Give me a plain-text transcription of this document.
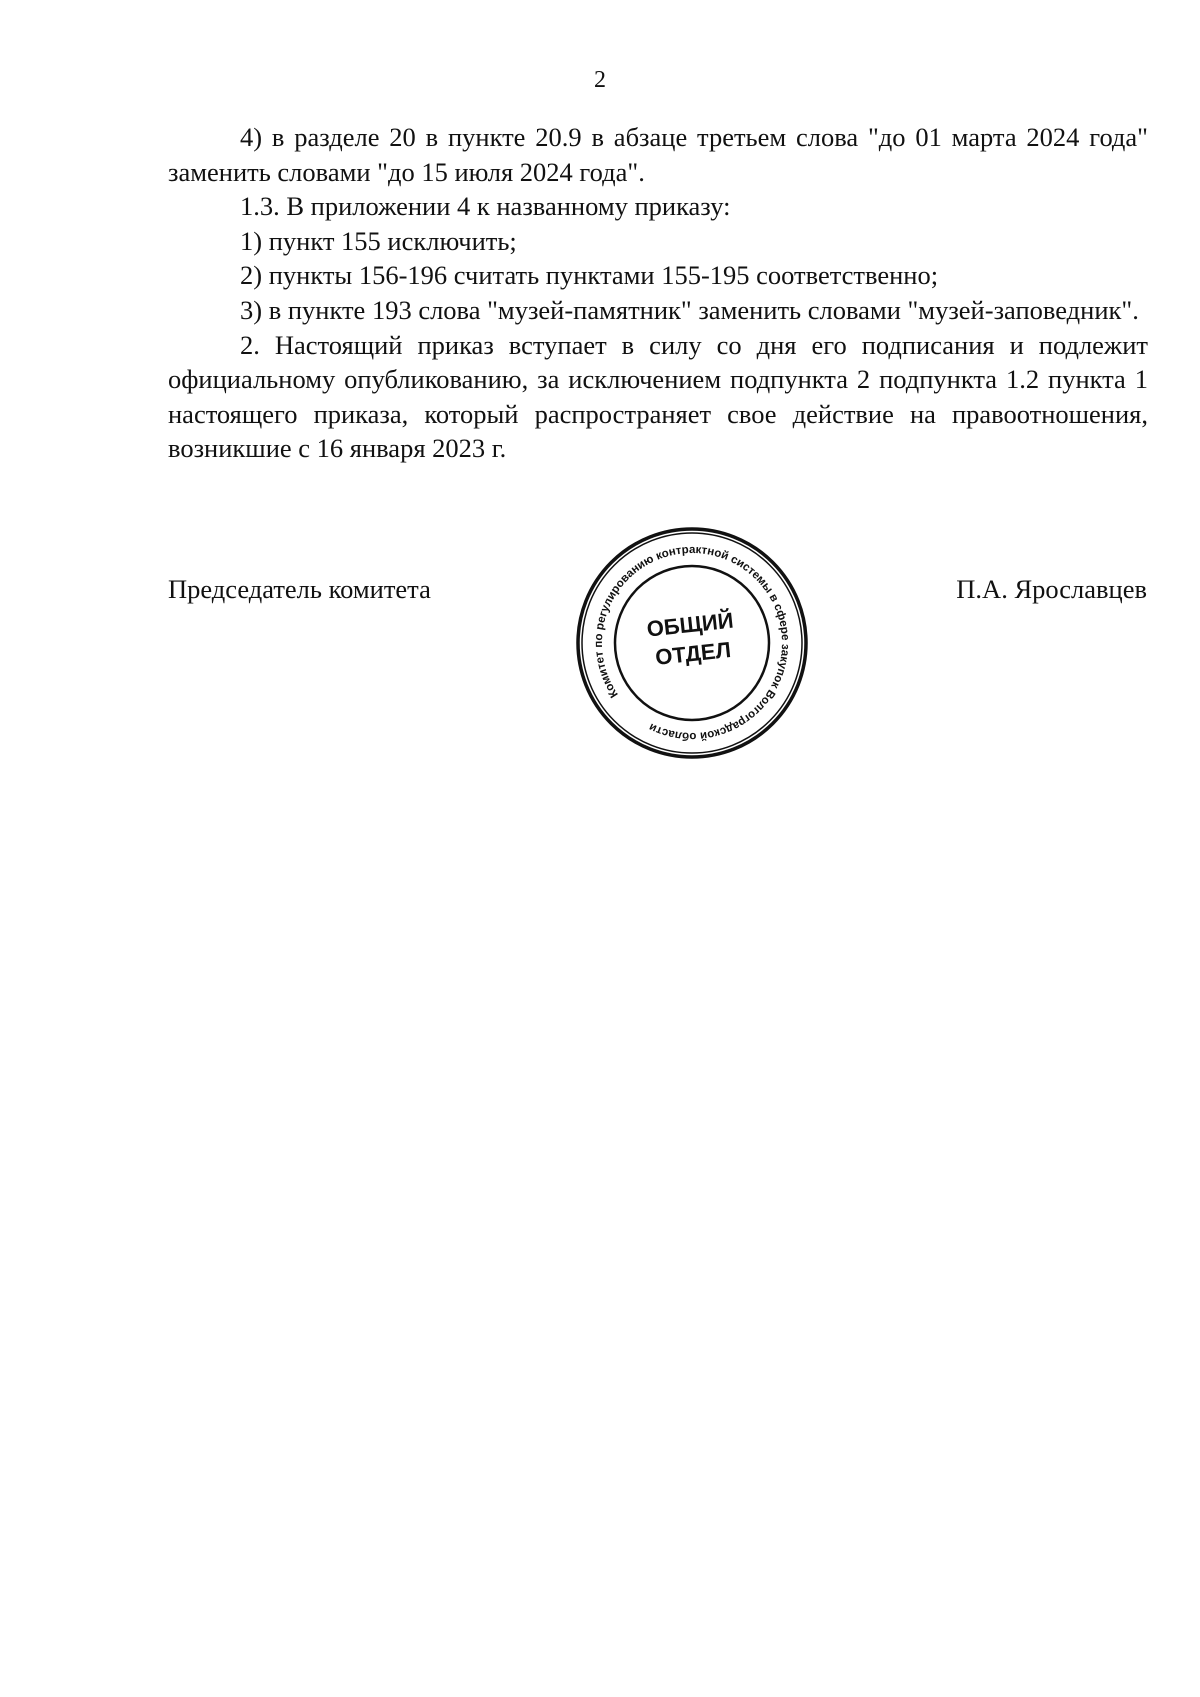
2

4) в разделе 20 в пункте 20.9 в абзаце третьем слова "до 01 марта 2024 года" заменить словами "до 15 июля 2024 года".

1.3. В приложении 4 к названному приказу:

1) пункт 155 исключить;

2) пункты 156-196 считать пунктами 155-195 соответственно;

3) в пункте 193 слова "музей-памятник" заменить словами "музей-заповедник".

2. Настоящий приказ вступает в силу со дня его подписания и подлежит официальному опубликованию, за исключением подпункта 2 подпункта 1.2 пункта 1 настоящего приказа, который распространяет свое действие на правоотношения, возникшие с 16 января 2023 г.

Председатель комитета
Комитет по регулированию контрактной системы в сфере закупок Волгоградской области
ОБЩИЙ
ОТДЕЛ
П.А. Ярославцев
